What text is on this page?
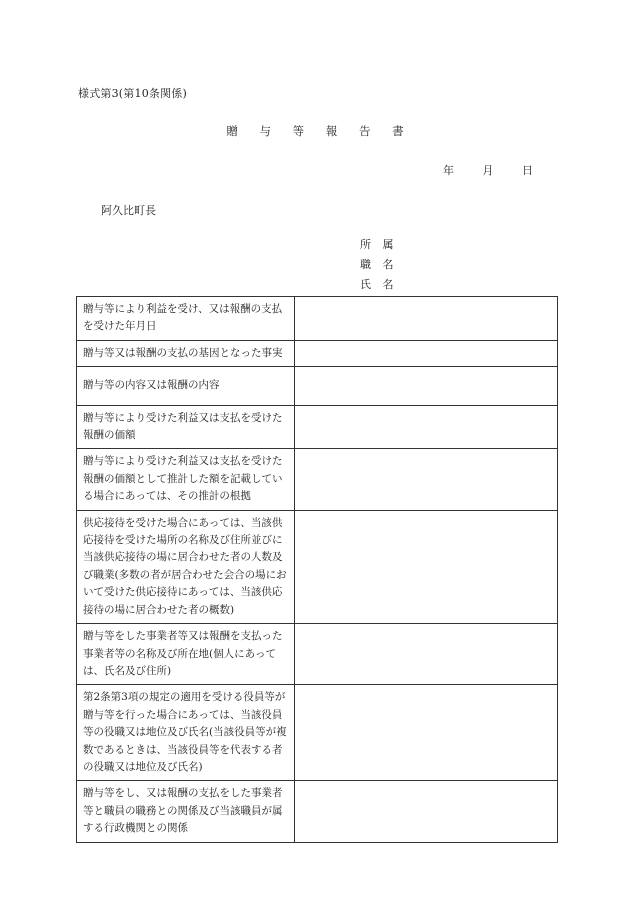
様式第3(第10条関係)
贈 与 等 報 告 書
年	月	日
阿久比町長
所 属
職 名
氏 名
贈与等により利益を受け、又は報酬の支払を受けた年月日	
贈与等又は報酬の支払の基因となった事実	
贈与等の内容又は報酬の内容	
贈与等により受けた利益又は支払を受けた報酬の価額	
贈与等により受けた利益又は支払を受けた報酬の価額として推計した額を記載している場合にあっては、その推計の根拠	
供応接待を受けた場合にあっては、当該供応接待を受けた場所の名称及び住所並びに当該供応接待の場に居合わせた者の人数及び職業(多数の者が居合わせた会合の場において受けた供応接待にあっては、当該供応接待の場に居合わせた者の概数)	
贈与等をした事業者等又は報酬を支払った事業者等の名称及び所在地(個人にあっては、氏名及び住所)	
第2条第3項の規定の適用を受ける役員等が贈与等を行った場合にあっては、当該役員等の役職又は地位及び氏名(当該役員等が複数であるときは、当該役員等を代表する者の役職又は地位及び氏名)	
贈与等をし、又は報酬の支払をした事業者等と職員の職務との関係及び当該職員が属する行政機関との関係	
